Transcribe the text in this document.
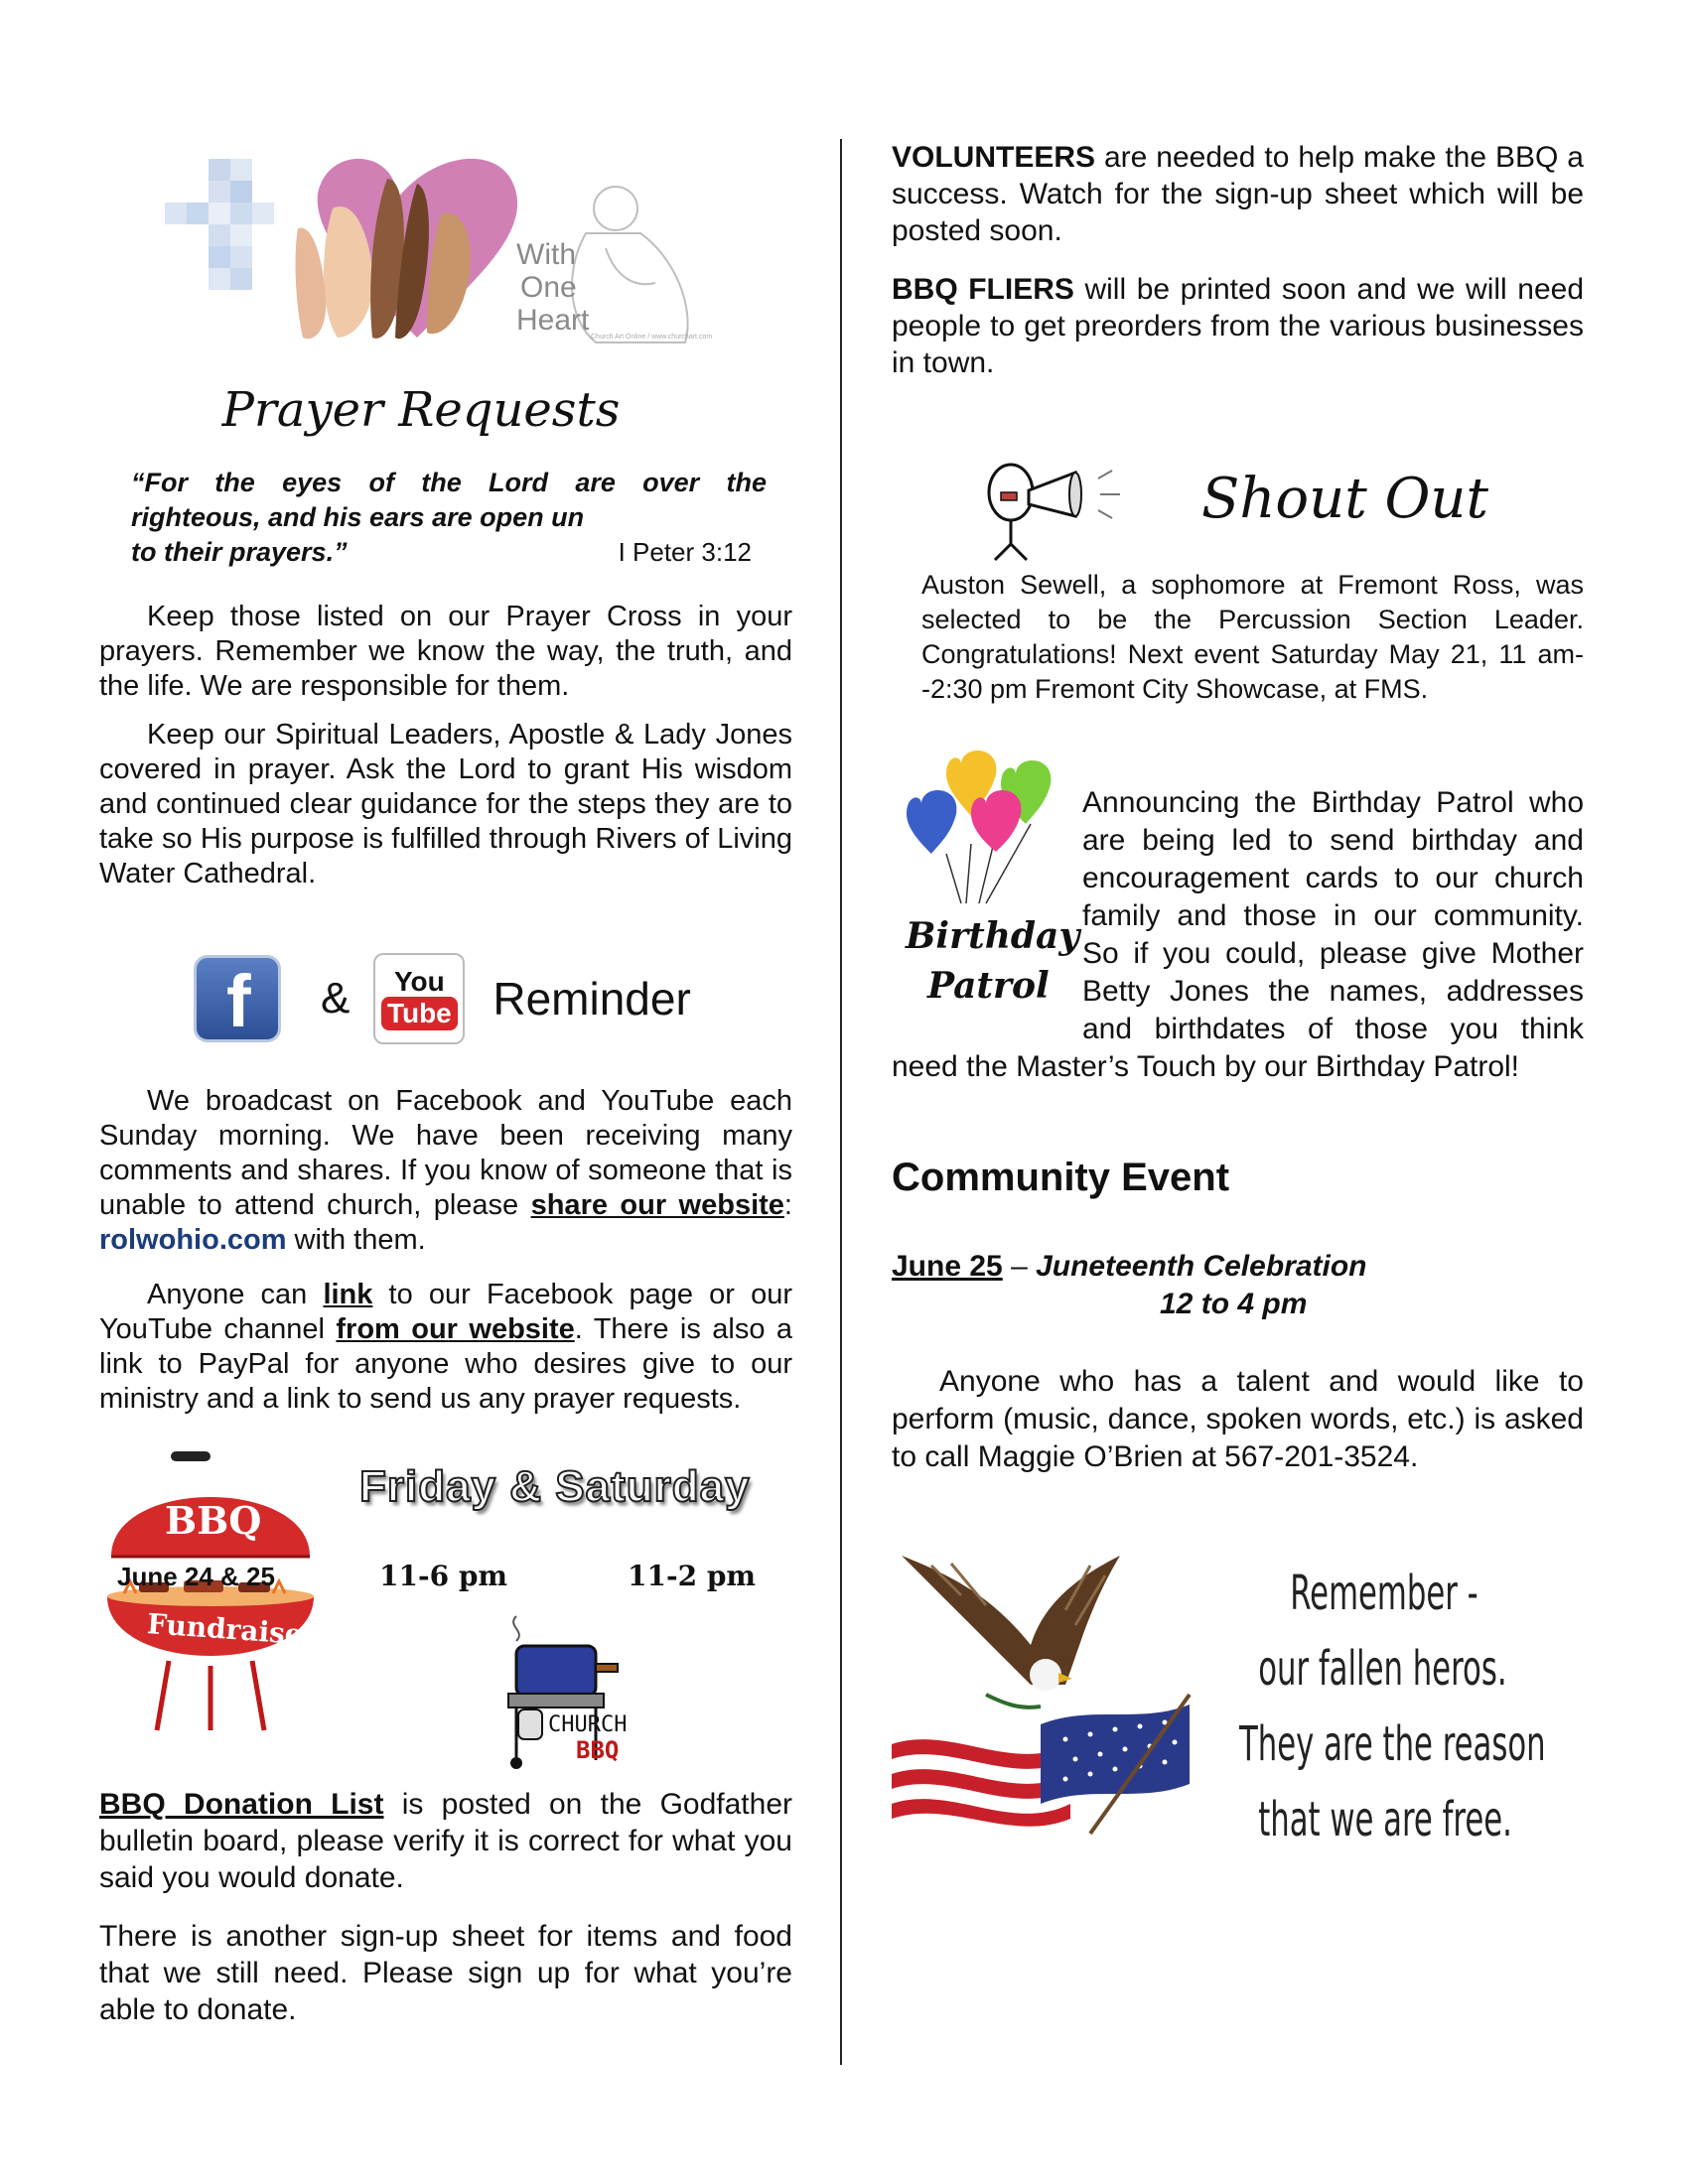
With
One
Heart
Church Art Online / www.churchart.com
Prayer Requests
“For the eyes of the Lord are over the
righteous, and his ears are open un
to their prayers.”	I Peter 3:12

Keep those listed on our Prayer Cross in your prayers. Remember we know the way, the truth, and the life. We are responsible for them.

Keep our Spiritual Leaders, Apostle & Lady Jones covered in prayer. Ask the Lord to grant His wisdom and continued clear guidance for the steps they are to take so His purpose is fulfilled through Rivers of Living Water Cathedral.

f & You
Tube Reminder

We broadcast on Facebook and YouTube each Sunday morning. We have been receiving many comments and shares. If you know of someone that is unable to attend church, please share our website: rolwohio.com with them.

Anyone can link to our Facebook page or our YouTube channel from our website. There is also a link to PayPal for anyone who desires give to our ministry and a link to send us any prayer requests.

BBQ
June 24 & 25
Fundraiser
Friday & Saturday
11-6 pm	11-2 pm
CHURCH
BBQ

BBQ Donation List is posted on the Godfather bulletin board, please verify it is correct for what you said you would donate.

There is another sign-up sheet for items and food that we still need. Please sign up for what you’re able to donate.

VOLUNTEERS are needed to help make the BBQ a success. Watch for the sign-up sheet which will be posted soon.

BBQ FLIERS will be printed soon and we will need people to get preorders from the various businesses in town.

Shout Out

Auston Sewell, a sophomore at Fremont Ross, was selected to be the Percussion Section Leader. Congratulations! Next event Saturday May 21, 11 am--2:30 pm Fremont City Showcase, at FMS.

Birthday
Patrol

Announcing the Birthday Patrol who are being led to send birthday and encouragement cards to our church family and those in our community. So if you could, please give Mother Betty Jones the names, addresses and birthdates of those you think need the Master’s Touch by our Birthday Patrol!

Community Event
June 25 – Juneteenth Celebration
12 to 4 pm

Anyone who has a talent and would like to perform (music, dance, spoken words, etc.) is asked to call Maggie O’Brien at 567-201-3524.

Remember -
our fallen heros.
They are the reason
that we are free.
